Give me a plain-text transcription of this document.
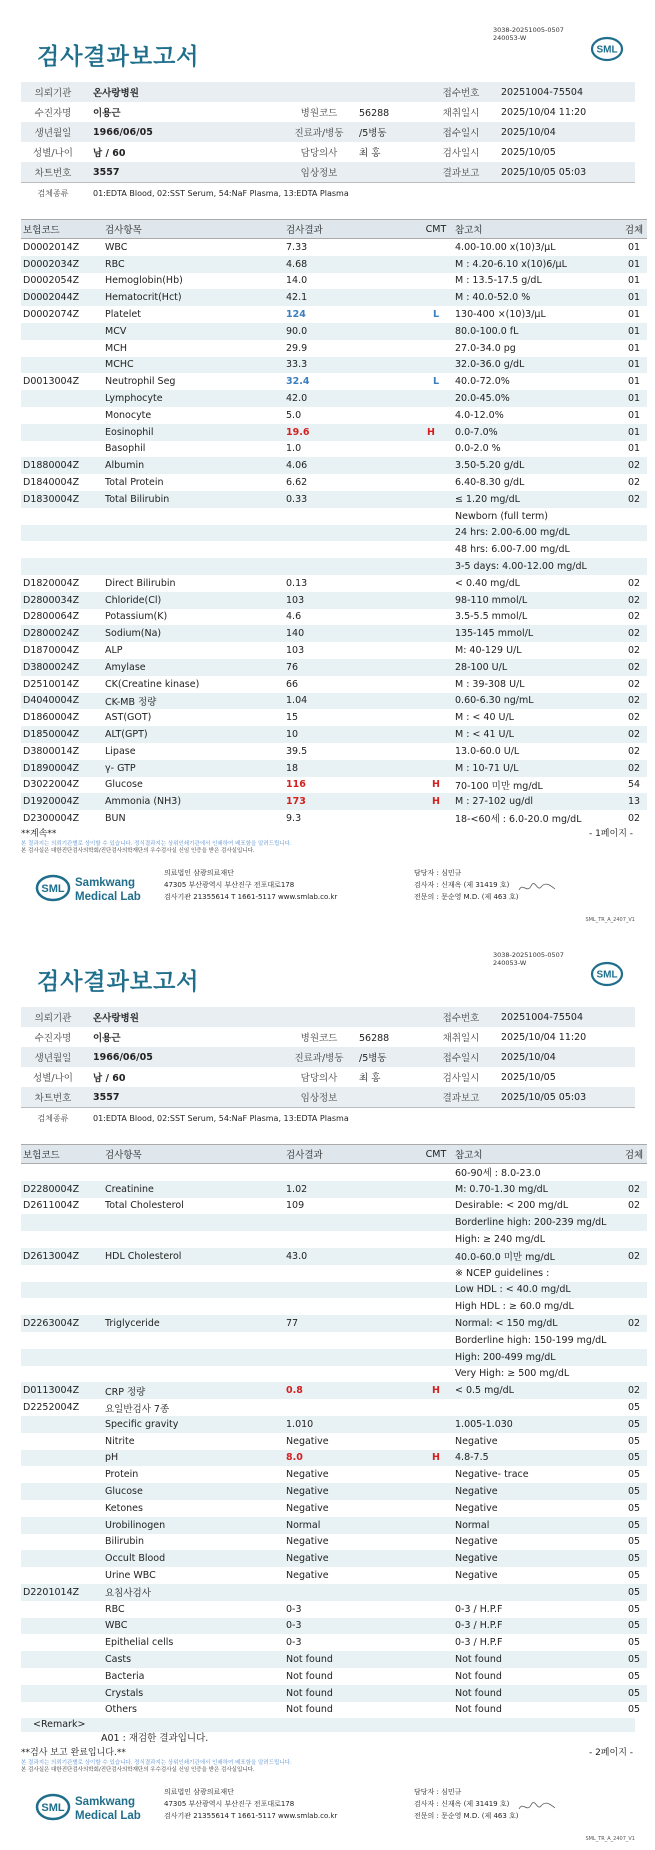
3038-20251005-0507
240053-W
검사결과보고서	SML
의뢰기관	온사랑병원		접수번호	20251004-75504
수진자명	이용근	병원코드 56288	채취일시	2025/10/04 11:20
생년월일	1966/06/05	진료과/병동 /5병동	접수일시	2025/10/04
성별/나이	남 / 60	담당의사 최 홍	검사일시	2025/10/05
차트번호	3557	임상정보	결과보고	2025/10/05 05:03
검체종류	01:EDTA Blood, 02:SST Serum, 54:NaF Plasma, 13:EDTA Plasma
보험코드	검사항목	검사결과	CMT	참고치	검체
D0002014Z	WBC	7.33		4.00-10.00 x(10)3/μL	01
D0002034Z	RBC	4.68		M : 4.20-6.10 x(10)6/μL	01
D0002054Z	Hemoglobin(Hb)	14.0		M : 13.5-17.5 g/dL	01
D0002044Z	Hematocrit(Hct)	42.1		M : 40.0-52.0 %	01
D0002074Z	Platelet	124	L	130-400 ×(10)3/μL	01
	MCV	90.0		80.0-100.0 fL	01
	MCH	29.9		27.0-34.0 pg	01
	MCHC	33.3		32.0-36.0 g/dL	01
D0013004Z	Neutrophil Seg	32.4	L	40.0-72.0%	01
	Lymphocyte	42.0		20.0-45.0%	01
	Monocyte	5.0		4.0-12.0%	01
	Eosinophil	19.6	H	0.0-7.0%	01
	Basophil	1.0		0.0-2.0 %	01
D1880004Z	Albumin	4.06		3.50-5.20 g/dL	02
D1840004Z	Total Protein	6.62		6.40-8.30 g/dL	02
D1830004Z	Total Bilirubin	0.33		≤ 1.20 mg/dL	02
				Newborn (full term)	
				24 hrs: 2.00-6.00 mg/dL	
				48 hrs: 6.00-7.00 mg/dL	
				3-5 days: 4.00-12.00 mg/dL	
D1820004Z	Direct Bilirubin	0.13		< 0.40 mg/dL	02
D2800034Z	Chloride(Cl)	103		98-110 mmol/L	02
D2800064Z	Potassium(K)	4.6		3.5-5.5 mmol/L	02
D2800024Z	Sodium(Na)	140		135-145 mmol/L	02
D1870004Z	ALP	103		M: 40-129 U/L	02
D3800024Z	Amylase	76		28-100 U/L	02
D2510014Z	CK(Creatine kinase)	66		M : 39-308 U/L	02
D4040004Z	CK-MB 정량	1.04		0.60-6.30 ng/mL	02
D1860004Z	AST(GOT)	15		M : < 40 U/L	02
D1850004Z	ALT(GPT)	10		M : < 41 U/L	02
D3800014Z	Lipase	39.5		13.0-60.0 U/L	02
D1890004Z	γ- GTP	18		M : 10-71 U/L	02
D3022004Z	Glucose	116	H	70-100 미만 mg/dL	54
D1920004Z	Ammonia (NH3)	173	H	M : 27-102 ug/dl	13
D2300004Z	BUN	9.3		18-<60세 : 6.0-20.0 mg/dL	02
**계속**	- 1페이지 -
본 결과지는 의뢰기관별로 상이할 수 있습니다. 정식결과지는 상위인쇄기관에서 인쇄하여 배포함을 알려드립니다.
본 검사실은 대한진단검사의학회/진단검사의학재단의 우수검사실 신임 인증을 받은 검사실입니다.
SML Samkwang
Medical Lab
의료법인 삼광의료재단
47305 부산광역시 부산진구 전포대로178
검사기관 21355614 T 1661-5117 www.smlab.co.kr
담당자 : 심민규
검사자 : 신재옥 (제 31419 호)
전문의 : 문순영 M.D. (제 463 호)
SML_TR_A_2407_V1
3038-20251005-0507
240053-W
검사결과보고서	SML
의뢰기관	온사랑병원		접수번호	20251004-75504
수진자명	이용근	병원코드 56288	채취일시	2025/10/04 11:20
생년월일	1966/06/05	진료과/병동 /5병동	접수일시	2025/10/04
성별/나이	남 / 60	담당의사 최 홍	검사일시	2025/10/05
차트번호	3557	임상정보	결과보고	2025/10/05 05:03
검체종류	01:EDTA Blood, 02:SST Serum, 54:NaF Plasma, 13:EDTA Plasma
보험코드	검사항목	검사결과	CMT	참고치	검체
				60-90세 : 8.0-23.0	
D2280004Z	Creatinine	1.02		M: 0.70-1.30 mg/dL	02
D2611004Z	Total Cholesterol	109		Desirable: < 200 mg/dL	02
				Borderline high: 200-239 mg/dL	
				High: ≥ 240 mg/dL	
D2613004Z	HDL Cholesterol	43.0		40.0-60.0 미만 mg/dL	02
				※ NCEP guidelines :	
				Low HDL : < 40.0 mg/dL	
				High HDL : ≥ 60.0 mg/dL	
D2263004Z	Triglyceride	77		Normal: < 150 mg/dL	02
				Borderline high: 150-199 mg/dL	
				High: 200-499 mg/dL	
				Very High: ≥ 500 mg/dL	
D0113004Z	CRP 정량	0.8	H	< 0.5 mg/dL	02
D2252004Z	요일반검사 7종				05
	Specific gravity	1.010		1.005-1.030	05
	Nitrite	Negative		Negative	05
	pH	8.0	H	4.8-7.5	05
	Protein	Negative		Negative- trace	05
	Glucose	Negative		Negative	05
	Ketones	Negative		Negative	05
	Urobilinogen	Normal		Normal	05
	Bilirubin	Negative		Negative	05
	Occult Blood	Negative		Negative	05
	Urine WBC	Negative		Negative	05
D2201014Z	요침사검사				05
	RBC	0-3		0-3 / H.P.F	05
	WBC	0-3		0-3 / H.P.F	05
	Epithelial cells	0-3		0-3 / H.P.F	05
	Casts	Not found		Not found	05
	Bacteria	Not found		Not found	05
	Crystals	Not found		Not found	05
	Others	Not found		Not found	05
<Remark>
A01 : 재검한 결과입니다.
**검사 보고 완료입니다.**	- 2페이지 -
본 결과지는 의뢰기관별로 상이할 수 있습니다. 정식결과지는 상위인쇄기관에서 인쇄하여 배포함을 알려드립니다.
본 검사실은 대한진단검사의학회/진단검사의학재단의 우수검사실 신임 인증을 받은 검사실입니다.
SML Samkwang
Medical Lab
의료법인 삼광의료재단
47305 부산광역시 부산진구 전포대로178
검사기관 21355614 T 1661-5117 www.smlab.co.kr
담당자 : 심민규
검사자 : 신재옥 (제 31419 호)
전문의 : 문순영 M.D. (제 463 호)
SML_TR_A_2407_V1
